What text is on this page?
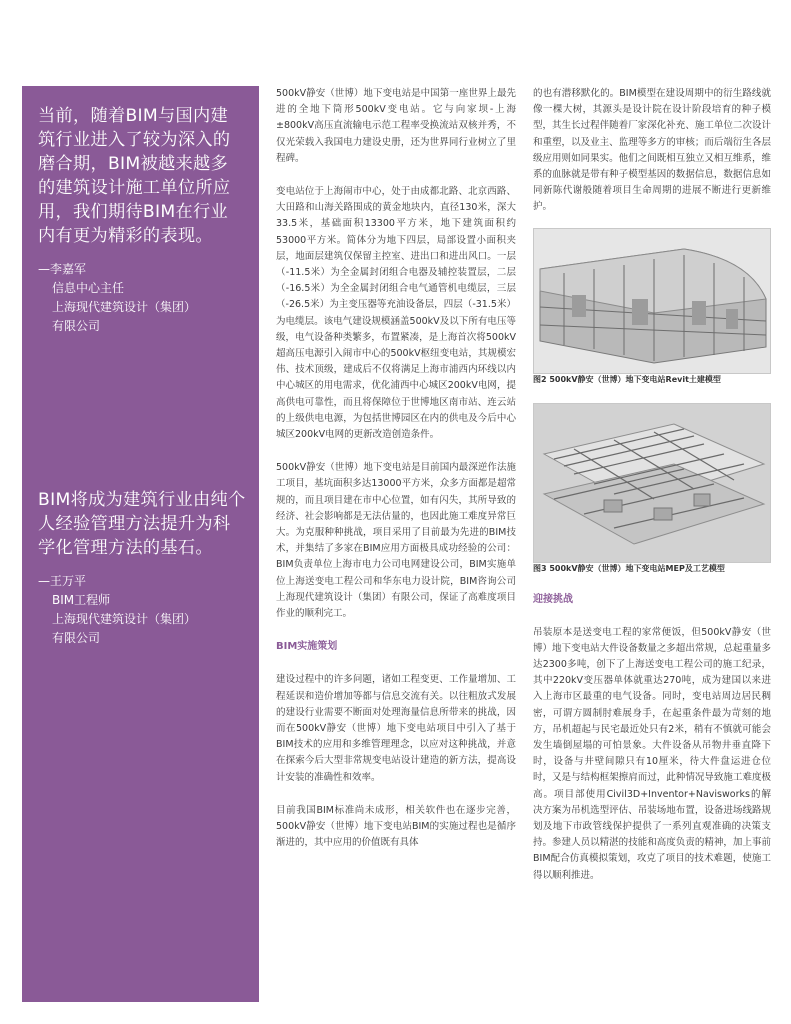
当前，随着BIM与国内建筑行业进入了较为深入的磨合期，BIM被越来越多的建筑设计施工单位所应用，我们期待BIM在行业内有更为精彩的表现。

—李嘉军
信息中心主任
上海现代建筑设计（集团）
有限公司

BIM将成为建筑行业由纯个人经验管理方法提升为科学化管理方法的基石。

—王万平
BIM工程师
上海现代建筑设计（集团）
有限公司

500kV静安（世博）地下变电站是中国第一座世界上最先进的全地下筒形500kV变电站。它与向家坝-上海±800kV高压直流输电示范工程率受换流站双核并秀，不仅光荣载入我国电力建设史册，还为世界同行业树立了里程碑。

变电站位于上海闹市中心，处于由成都北路、北京西路、大田路和山海关路围成的黄金地块内，直径130米，深大33.5米，基础面积13300平方米，地下建筑面积约53000平方米。简体分为地下四层，局部设置小面积夹层，地面层建筑仅保留主控室、进出口和进出风口。一层（-11.5米）为全金属封闭组合电器及辅控装置层，二层（-16.5米）为全金属封闭组合电气通管机电缆层，三层（-26.5米）为主变压器等充油设备层，四层（-31.5米）为电缆层。该电气建设规模涵盖500kV及以下所有电压等级，电气设备种类繁多，布置紧凑，是上海首次将500kV超高压电源引入闹市中心的500kV枢纽变电站，其规模宏伟、技术顶级，建成后不仅将满足上海市浦西内环线以内中心城区的用电需求，优化浦西中心城区200kV电网，提高供电可靠性，而且将保障位于世博地区南市站、连云站的上级供电电源，为包括世博园区在内的供电及今后中心城区200kV电网的更新改造创造条件。

500kV静安（世博）地下变电站是目前国内最深逆作法施工项目，基坑面积多达13000平方米，众多方面都是超常规的，而且项目建在市中心位置，如有闪失，其所导致的经济、社会影响都是无法估量的，也因此施工难度异常巨大。为克服种种挑战，项目采用了目前最为先进的BIM技术，并集结了多家在BIM应用方面极具成功经验的公司：BIM负责单位上海市电力公司电网建设公司，BIM实施单位上海送变电工程公司和华东电力设计院，BIM咨询公司上海现代建筑设计（集团）有限公司，保证了高难度项目作业的顺利完工。

BIM实施策划

建设过程中的许多问题，诸如工程变更、工作量增加、工程延误和造价增加等都与信息交流有关。以往粗放式发展的建设行业需要不断面对处理海量信息所带来的挑战，因而在500kV静安（世博）地下变电站项目中引入了基于BIM技术的应用和多维管理理念，以应对这种挑战，并意在探索今后大型非常规变电站设计建造的新方法，提高设计安装的准确性和效率。

目前我国BIM标准尚未成形，相关软件也在逐步完善，500kV静安（世博）地下变电站BIM的实施过程也是循序渐进的，其中应用的价值既有具体

的也有潜移默化的。BIM模型在建设周期中的衍生路线就像一棵大树，其源头是设计院在设计阶段培育的种子模型，其生长过程伴随着厂家深化补充、施工单位二次设计和重塑，以及业主、监理等多方的审核；而后端衍生各层级应用则如同果实。他们之间既相互独立又相互维系，维系的血脉就是带有种子模型基因的数据信息，数据信息如同新陈代谢般随着项目生命周期的进展不断进行更新维护。

图2 500kV静安（世博）地下变电站Revit土建模型

图3 500kV静安（世博）地下变电站MEP及工艺模型

迎接挑战

吊装原本是送变电工程的家常便饭，但500kV静安（世博）地下变电站大件设备数量之多超出常规，总起重量多达2300多吨，创下了上海送变电工程公司的施工纪录，其中220kV变压器单体就重达270吨，成为建国以来进入上海市区最重的电气设备。同时，变电站周边居民稠密，可谓方圆制肘难展身手，在起重条件最为苛刻的地方，吊机超起与民宅最近处只有2米，稍有不慎就可能会发生墙倒屋塌的可怕景象。大件设备从吊物井垂直降下时，设备与井壁间隙只有10厘米，待大件盘运进仓位时，又是与结构框架擦肩而过，此种情况导致施工难度极高。项目部使用Civil3D+Inventor+Navisworks的解决方案为吊机选型评估、吊装场地布置，设备进场线路规划及地下市政管线保护提供了一系列直观准确的决策支持。参建人员以精湛的技能和高度负责的精神，加上事前BIM配合仿真模拟策划，攻克了项目的技术难题，使施工得以顺利推进。
